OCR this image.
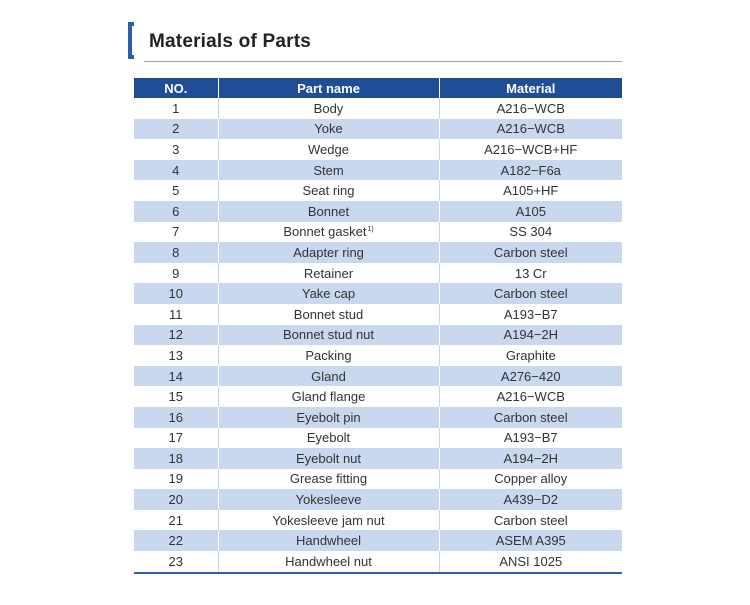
Materials of Parts
NO.	Part name	Material
1	Body	A216−WCB
2	Yoke	A216−WCB
3	Wedge	A216−WCB+HF
4	Stem	A182−F6a
5	Seat ring	A105+HF
6	Bonnet	A105
7	Bonnet gasket$^{1)}$	SS 304
8	Adapter ring	Carbon steel
9	Retainer	13 Cr
10	Yake cap	Carbon steel
11	Bonnet stud	A193−B7
12	Bonnet stud nut	A194−2H
13	Packing	Graphite
14	Gland	A276−420
15	Gland flange	A216−WCB
16	Eyebolt pin	Carbon steel
17	Eyebolt	A193−B7
18	Eyebolt nut	A194−2H
19	Grease fitting	Copper alloy
20	Yokesleeve	A439−D2
21	Yokesleeve jam nut	Carbon steel
22	Handwheel	ASEM A395
23	Handwheel nut	ANSI 1025
